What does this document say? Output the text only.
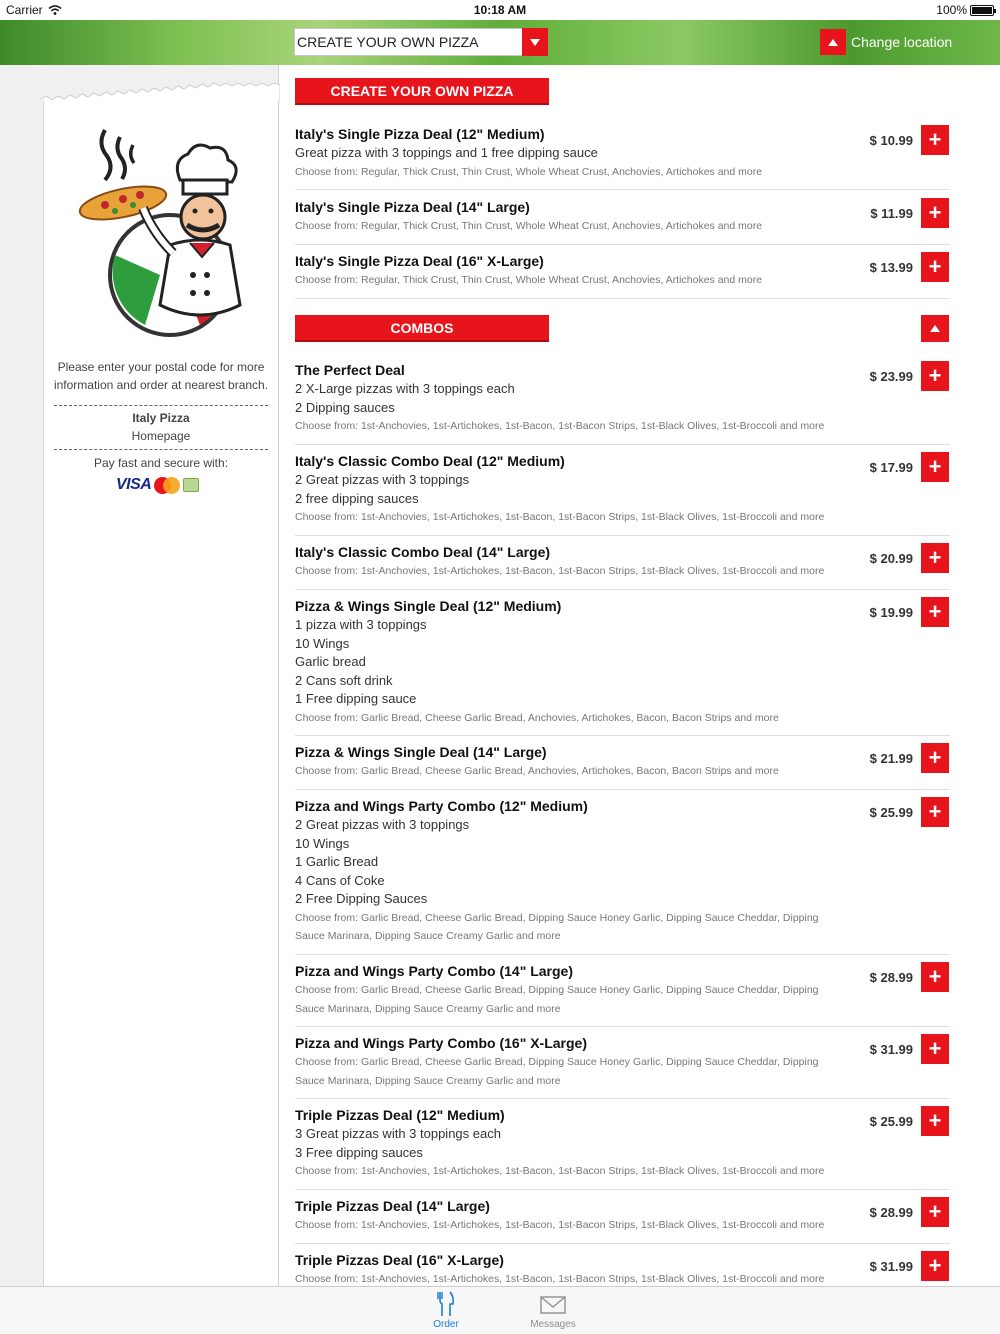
Carrier	10:18 AM	100%
CREATE YOUR OWN PIZZA	Change location
Please enter your postal code for more information and order at nearest branch.
Italy Pizza
Homepage
Pay fast and secure with:
VISA
CREATE YOUR OWN PIZZA
Italy's Single Pizza Deal (12" Medium)
Great pizza with 3 toppings and 1 free dipping sauce
Choose from: Regular, Thick Crust, Thin Crust, Whole Wheat Crust, Anchovies, Artichokes and more
$ 10.99 +
Italy's Single Pizza Deal (14" Large)
Choose from: Regular, Thick Crust, Thin Crust, Whole Wheat Crust, Anchovies, Artichokes and more
$ 11.99 +
Italy's Single Pizza Deal (16" X-Large)
Choose from: Regular, Thick Crust, Thin Crust, Whole Wheat Crust, Anchovies, Artichokes and more
$ 13.99 +
COMBOS
The Perfect Deal
2 X-Large pizzas with 3 toppings each
2 Dipping sauces
Choose from: 1st-Anchovies, 1st-Artichokes, 1st-Bacon, 1st-Bacon Strips, 1st-Black Olives, 1st-Broccoli and more
$ 23.99 +
Italy's Classic Combo Deal (12" Medium)
2 Great pizzas with 3 toppings
2 free dipping sauces
Choose from: 1st-Anchovies, 1st-Artichokes, 1st-Bacon, 1st-Bacon Strips, 1st-Black Olives, 1st-Broccoli and more
$ 17.99 +
Italy's Classic Combo Deal (14" Large)
Choose from: 1st-Anchovies, 1st-Artichokes, 1st-Bacon, 1st-Bacon Strips, 1st-Black Olives, 1st-Broccoli and more
$ 20.99 +
Pizza & Wings Single Deal (12" Medium)
1 pizza with 3 toppings
10 Wings
Garlic bread
2 Cans soft drink
1 Free dipping sauce
Choose from: Garlic Bread, Cheese Garlic Bread, Anchovies, Artichokes, Bacon, Bacon Strips and more
$ 19.99 +
Pizza & Wings Single Deal (14" Large)
Choose from: Garlic Bread, Cheese Garlic Bread, Anchovies, Artichokes, Bacon, Bacon Strips and more
$ 21.99 +
Pizza and Wings Party Combo (12" Medium)
2 Great pizzas with 3 toppings
10 Wings
1 Garlic Bread
4 Cans of Coke
2 Free Dipping Sauces
Choose from: Garlic Bread, Cheese Garlic Bread, Dipping Sauce Honey Garlic, Dipping Sauce Cheddar, Dipping Sauce Marinara, Dipping Sauce Creamy Garlic and more
$ 25.99 +
Pizza and Wings Party Combo (14" Large)
Choose from: Garlic Bread, Cheese Garlic Bread, Dipping Sauce Honey Garlic, Dipping Sauce Cheddar, Dipping Sauce Marinara, Dipping Sauce Creamy Garlic and more
$ 28.99 +
Pizza and Wings Party Combo (16" X-Large)
Choose from: Garlic Bread, Cheese Garlic Bread, Dipping Sauce Honey Garlic, Dipping Sauce Cheddar, Dipping Sauce Marinara, Dipping Sauce Creamy Garlic and more
$ 31.99 +
Triple Pizzas Deal (12" Medium)
3 Great pizzas with 3 toppings each
3 Free dipping sauces
Choose from: 1st-Anchovies, 1st-Artichokes, 1st-Bacon, 1st-Bacon Strips, 1st-Black Olives, 1st-Broccoli and more
$ 25.99 +
Triple Pizzas Deal (14" Large)
Choose from: 1st-Anchovies, 1st-Artichokes, 1st-Bacon, 1st-Bacon Strips, 1st-Black Olives, 1st-Broccoli and more
$ 28.99 +
Triple Pizzas Deal (16" X-Large)
Choose from: 1st-Anchovies, 1st-Artichokes, 1st-Bacon, 1st-Bacon Strips, 1st-Black Olives, 1st-Broccoli and more
$ 31.99 +
Order	Messages
